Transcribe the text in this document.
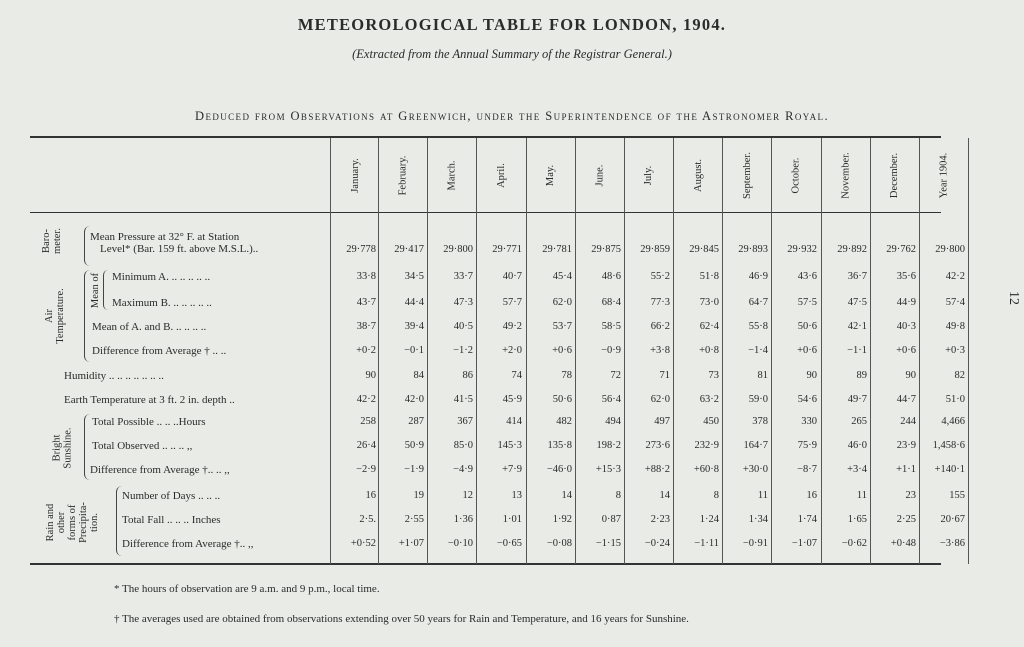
METEOROLOGICAL TABLE FOR LONDON, 1904.
(Extracted from the Annual Summary of the Registrar General.)
Deduced from Observations at Greenwich, under the Superintendence of the Astronomer Royal.
12
January.	February.	March.	April.	May.	June.	July.	August.	September.	October.	November.	December.	Year 1904.
Baro-
meter.
Air
Temperature. Mean of
Bright
Sunshine.
Rain and
other
forms of
Precipita-
tion.
Mean Pressure at 32° F. at Station
Level* (Bar. 159 ft. above M.S.L.)..	29·778	29·417	29·800	29·771	29·781	29·875	29·859	29·845	29·893	29·932	29·892	29·762	29·800
Minimum A. .. .. .. .. ..	33·8	34·5	33·7	40·7	45·4	48·6	55·2	51·8	46·9	43·6	36·7	35·6	42·2
Maximum B. .. .. .. .. ..	43·7	44·4	47·3	57·7	62·0	68·4	77·3	73·0	64·7	57·5	47·5	44·9	57·4
Mean of A. and B. .. .. .. ..	38·7	39·4	40·5	49·2	53·7	58·5	66·2	62·4	55·8	50·6	42·1	40·3	49·8
Difference from Average † .. ..	+0·2	−0·1	−1·2	+2·0	+0·6	−0·9	+3·8	+0·8	−1·4	+0·6	−1·1	+0·6	+0·3
Humidity .. .. .. .. .. .. ..	90	84	86	74	78	72	71	73	81	90	89	90	82
Earth Temperature at 3 ft. 2 in. depth ..	42·2	42·0	41·5	45·9	50·6	56·4	62·0	63·2	59·0	54·6	49·7	44·7	51·0
Total Possible .. .. ..Hours	258	287	367	414	482	494	497	450	378	330	265	244	4,466
Total Observed .. .. .. ,,	26·4	50·9	85·0	145·3	135·8	198·2	273·6	232·9	164·7	75·9	46·0	23·9	1,458·6
Difference from Average †.. .. ,,	−2·9	−1·9	−4·9	+7·9	−46·0	+15·3	+88·2	+60·8	+30·0	−8·7	+3·4	+1·1	+140·1
Number of Days .. .. ..	16	19	12	13	14	8	14	8	11	16	11	23	155
Total Fall .. .. .. Inches	2·5.	2·55	1·36	1·01	1·92	0·87	2·23	1·24	1·34	1·74	1·65	2·25	20·67
Difference from Average †.. ,,	+0·52	+1·07	−0·10	−0·65	−0·08	−1·15	−0·24	−1·11	−0·91	−1·07	−0·62	+0·48	−3·86
* The hours of observation are 9 a.m. and 9 p.m., local time.
† The averages used are obtained from observations extending over 50 years for Rain and Temperature, and 16 years for Sunshine.
